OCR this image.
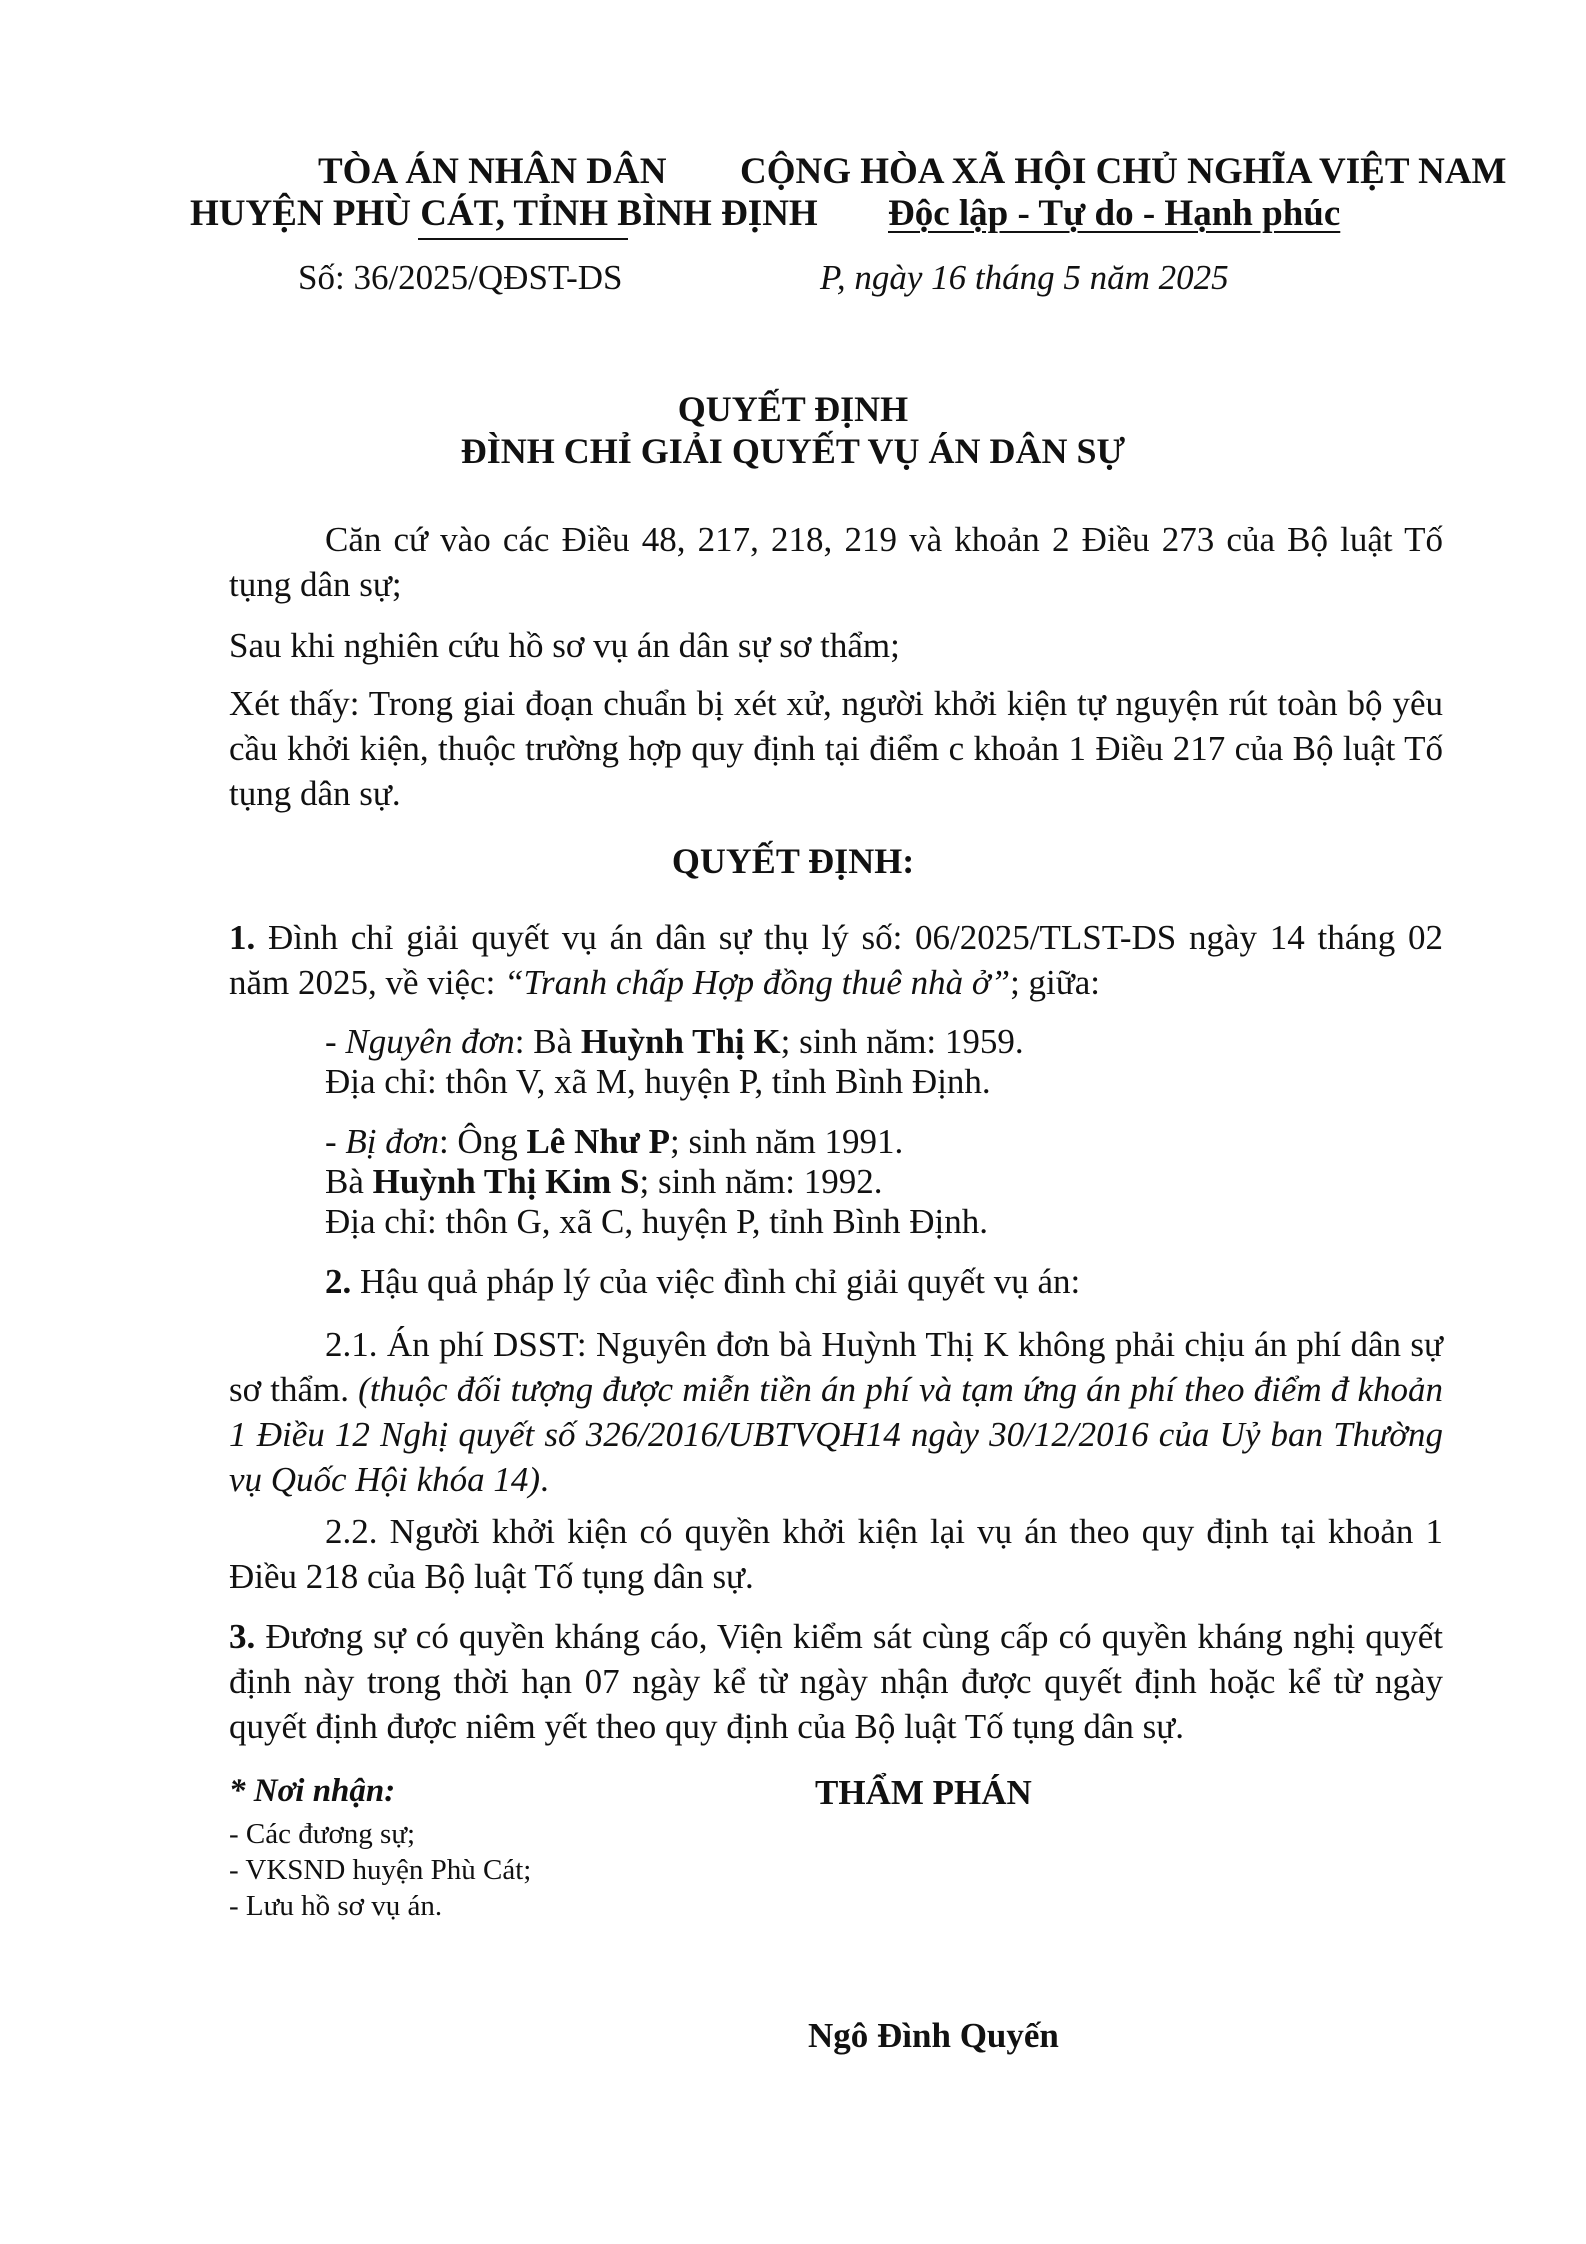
TÒA ÁN NHÂN DÂN
HUYỆN PHÙ CÁT, TỈNH BÌNH ĐỊNH
CỘNG HÒA XÃ HỘI CHỦ NGHĨA VIỆT NAM
Độc lập - Tự do - Hạnh phúc
Số: 36/2025/QĐST-DS	P, ngày 16 tháng 5 năm 2025
QUYẾT ĐỊNH
ĐÌNH CHỈ GIẢI QUYẾT VỤ ÁN DÂN SỰ
Căn cứ vào các Điều 48, 217, 218, 219 và khoản 2 Điều 273 của Bộ luật Tố tụng dân sự;
Sau khi nghiên cứu hồ sơ vụ án dân sự sơ thẩm;
Xét thấy: Trong giai đoạn chuẩn bị xét xử, người khởi kiện tự nguyện rút toàn bộ yêu cầu khởi kiện, thuộc trường hợp quy định tại điểm c khoản 1 Điều 217 của Bộ luật Tố tụng dân sự.
QUYẾT ĐỊNH:
1. Đình chỉ giải quyết vụ án dân sự thụ lý số: 06/2025/TLST-DS ngày 14 tháng 02 năm 2025, về việc: “Tranh chấp Hợp đồng thuê nhà ở”; giữa:
- Nguyên đơn: Bà Huỳnh Thị K; sinh năm: 1959.
Địa chỉ: thôn V, xã M, huyện P, tỉnh Bình Định.
- Bị đơn: Ông Lê Như P; sinh năm 1991.
Bà Huỳnh Thị Kim S; sinh năm: 1992.
Địa chỉ: thôn G, xã C, huyện P, tỉnh Bình Định.
2. Hậu quả pháp lý của việc đình chỉ giải quyết vụ án:
2.1. Án phí DSST: Nguyên đơn bà Huỳnh Thị K không phải chịu án phí dân sự sơ thẩm. (thuộc đối tượng được miễn tiền án phí và tạm ứng án phí theo điểm đ khoản 1 Điều 12 Nghị quyết số 326/2016/UBTVQH14 ngày 30/12/2016 của Uỷ ban Thường vụ Quốc Hội khóa 14).
2.2. Người khởi kiện có quyền khởi kiện lại vụ án theo quy định tại khoản 1 Điều 218 của Bộ luật Tố tụng dân sự.
3. Đương sự có quyền kháng cáo, Viện kiểm sát cùng cấp có quyền kháng nghị quyết định này trong thời hạn 07 ngày kể từ ngày nhận được quyết định hoặc kể từ ngày quyết định được niêm yết theo quy định của Bộ luật Tố tụng dân sự.
* Nơi nhận:
- Các đương sự;
- VKSND huyện Phù Cát;
- Lưu hồ sơ vụ án.
THẨM PHÁN
Ngô Đình Quyến
